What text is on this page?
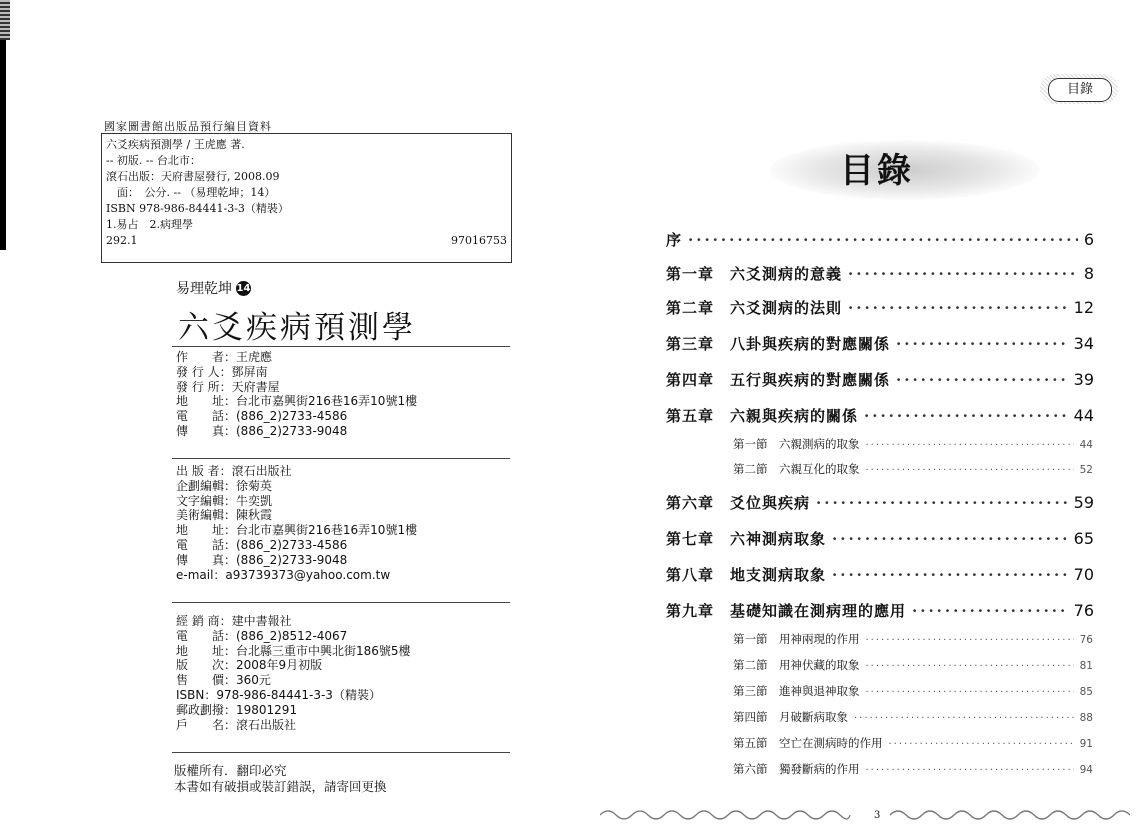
國家圖書館出版品預行編目資料
六爻疾病預測學 / 王虎應 著.
-- 初版. -- 台北市：
滾石出版：天府書屋發行, 2008.09
　面：　公分. -- （易理乾坤；14）
ISBN 978-986-84441-3-3（精裝）
1.易占　2.病理學
292.1	97016753
易理乾坤 14
六爻疾病預測學
作　　者：王虎應
發 行 人：鄧屏南
發 行 所：天府書屋
地　　址：台北市嘉興街216巷16弄10號1樓
電　　話：(886_2)2733-4586
傳　　真：(886_2)2733-9048
出 版 者：滾石出版社
企劃編輯：徐菊英
文字編輯：牛奕凱
美術編輯：陳秋霞
地　　址：台北市嘉興街216巷16弄10號1樓
電　　話：(886_2)2733-4586
傳　　真：(886_2)2733-9048
e-mail：a93739373@yahoo.com.tw
經 銷 商：建中書報社
電　　話：(886_2)8512-4067
地　　址：台北縣三重市中興北街186號5樓
版　　次：2008年9月初版
售　　價：360元
ISBN：978-986-84441-3-3（精裝）
郵政劃撥：19801291
戶　　名：滾石出版社
版權所有．翻印必究
本書如有破損或裝訂錯誤，請寄回更換
目錄
目錄
序 ·····	6
第一章　六爻測病的意義 ·····	8
第二章　六爻測病的法則 ·····	12
第三章　八卦與疾病的對應關係 ·····	34
第四章　五行與疾病的對應關係 ·····	39
第五章　六親與疾病的關係 ·····	44
第一節　六親測病的取象 ·····	44
第二節　六親互化的取象 ·····	52
第六章　爻位與疾病 ·····	59
第七章　六神測病取象 ·····	65
第八章　地支測病取象 ·····	70
第九章　基礎知識在測病理的應用 ·····	76
第一節　用神兩現的作用 ·····	76
第二節　用神伏藏的取象 ·····	81
第三節　進神與退神取象 ·····	85
第四節　月破斷病取象 ·····	88
第五節　空亡在測病時的作用 ·····	91
第六節　獨發斷病的作用 ·····	94
3
